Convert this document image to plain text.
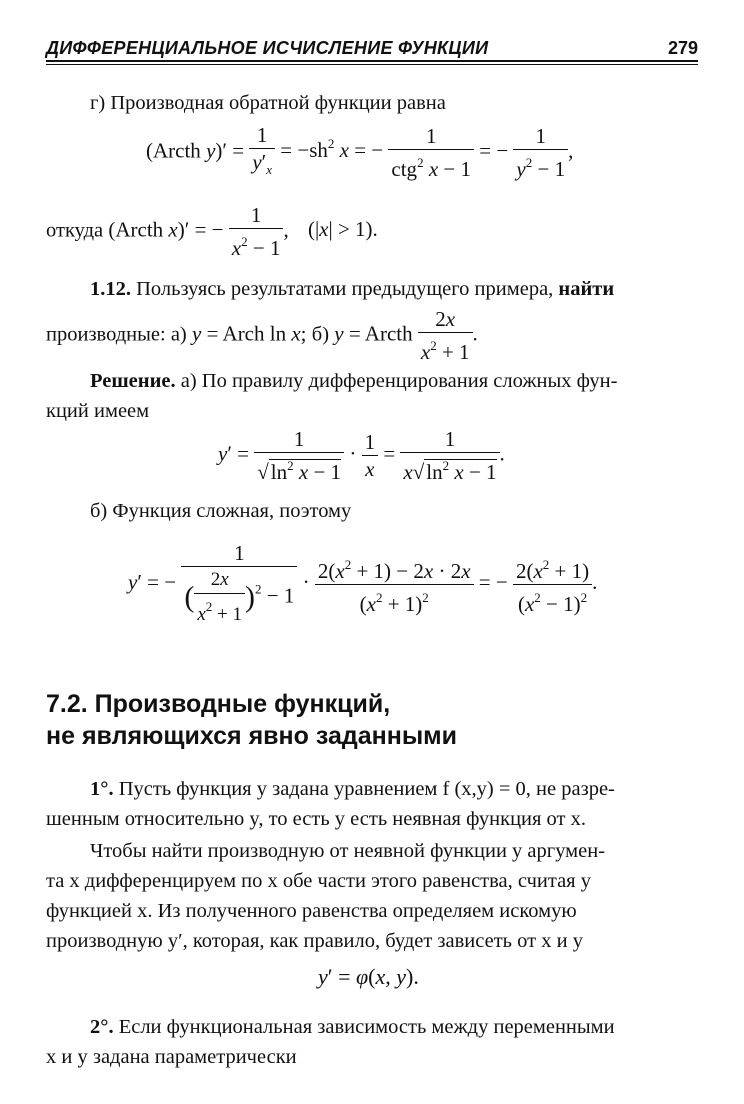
ДИФФЕРЕНЦИАЛЬНОЕ ИСЧИСЛЕНИЕ ФУНКЦИИ	279
г) Производная обратной функции равна
(Arcth $y)' = \frac{1}{y'_x} = -sh^2$ x = − $\frac{1}{ctg^2 x - 1}$ = − $\frac{1}{y^2 - 1}$ ,
откуда (Arcth x)′ = − $\frac{1}{x^2 - 1}$ , (|x| > 1).
1.12. Пользуясь результатами предыдущего примера, найти
производные: а) y = Arch ln x; б) y = Arcth $\frac{2x}{x^2 + 1}$ .
Решение. а) По правилу дифференцирования сложных фун-
кций имеем
$y' = \frac{1}{√\ln^2 x - 1} \cdot \frac{1}{x} = \frac{1}{x√\ln^2 x - 1}$ .
б) Функция сложная, поэтому
y′ = − $\frac{1}{( \frac{2x}{x^2 + 1} )^2 - 1} \cdot \frac{2(x^2 + 1) - 2x \cdot 2x}{(x^2 + 1)^2}$ = − $\frac{2(x^2 + 1)}{(x^2 - 1)^2}$ .
7.2. Производные функций,
не являющихся явно заданными
1°. Пусть функция y задана уравнением f (x,y) = 0, не разре-
шенным относительно y, то есть y есть неявная функция от x.
Чтобы найти производную от неявной функции y аргумен-
та x дифференцируем по x обе части этого равенства, считая y
функцией x. Из полученного равенства определяем искомую
производную y′, которая, как правило, будет зависеть от x и y
y′ = φ(x, y).
2°. Если функциональная зависимость между переменными
x и y задана параметрически
